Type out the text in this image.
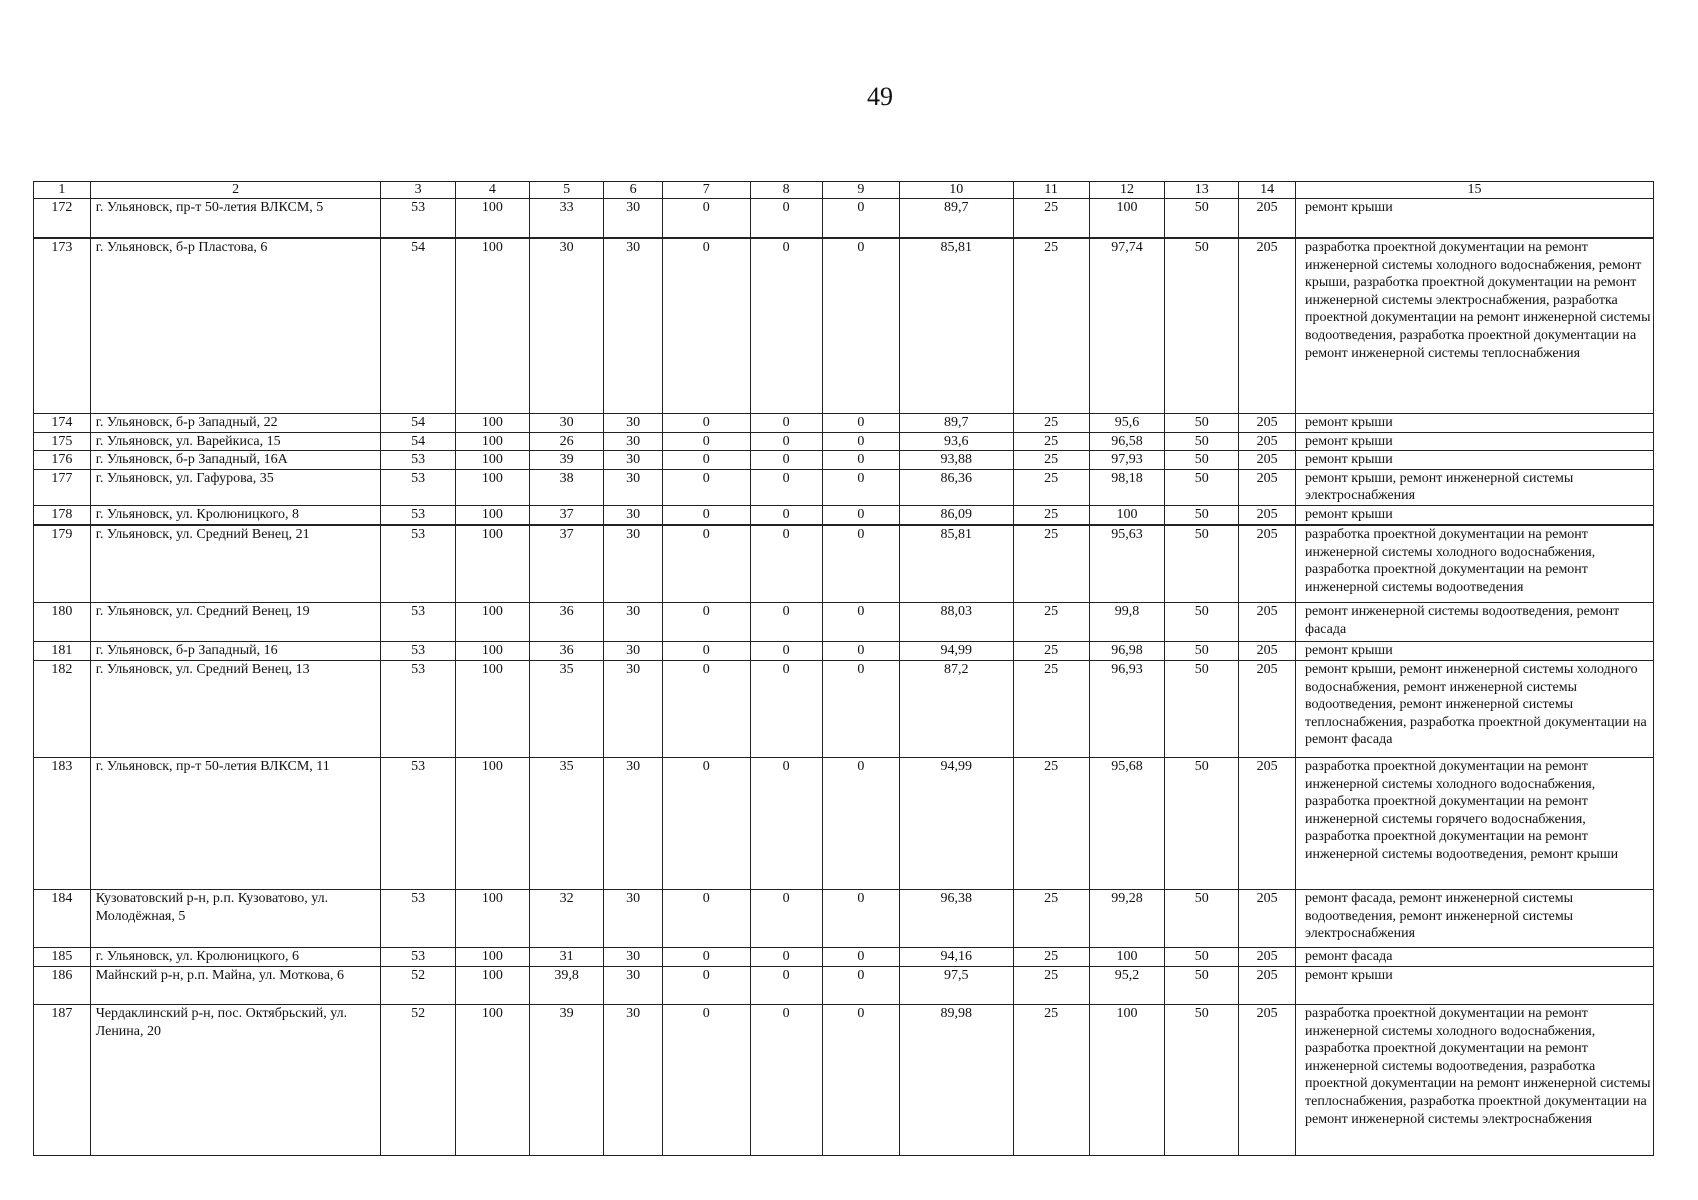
49
1	2	3	4	5	6	7	8	9	10	11	12	13	14	15
172	г. Ульяновск, пр-т 50-летия ВЛКСМ, 5	53	100	33	30	0	0	0	89,7	25	100	50	205	ремонт крыши
173	г. Ульяновск, б-р Пластова, 6	54	100	30	30	0	0	0	85,81	25	97,74	50	205	разработка проектной документации на ремонт инженерной системы холодного водоснабжения, ремонт крыши, разработка проектной документации на ремонт инженерной системы электроснабжения, разработка проектной документации на ремонт инженерной системы водоотведения, разработка проектной документации на ремонт инженерной системы теплоснабжения
174	г. Ульяновск, б-р Западный, 22	54	100	30	30	0	0	0	89,7	25	95,6	50	205	ремонт крыши
175	г. Ульяновск, ул. Варейкиса, 15	54	100	26	30	0	0	0	93,6	25	96,58	50	205	ремонт крыши
176	г. Ульяновск, б-р Западный, 16А	53	100	39	30	0	0	0	93,88	25	97,93	50	205	ремонт крыши
177	г. Ульяновск, ул. Гафурова, 35	53	100	38	30	0	0	0	86,36	25	98,18	50	205	ремонт крыши, ремонт инженерной системы электроснабжения
178	г. Ульяновск, ул. Кролюницкого, 8	53	100	37	30	0	0	0	86,09	25	100	50	205	ремонт крыши
179	г. Ульяновск, ул. Средний Венец, 21	53	100	37	30	0	0	0	85,81	25	95,63	50	205	разработка проектной документации на ремонт инженерной системы холодного водоснабжения, разработка проектной документации на ремонт инженерной системы водоотведения
180	г. Ульяновск, ул. Средний Венец, 19	53	100	36	30	0	0	0	88,03	25	99,8	50	205	ремонт инженерной системы водоотведения, ремонт фасада
181	г. Ульяновск, б-р Западный, 16	53	100	36	30	0	0	0	94,99	25	96,98	50	205	ремонт крыши
182	г. Ульяновск, ул. Средний Венец, 13	53	100	35	30	0	0	0	87,2	25	96,93	50	205	ремонт крыши, ремонт инженерной системы холодного водоснабжения, ремонт инженерной системы водоотведения, ремонт инженерной системы теплоснабжения, разработка проектной документации на ремонт фасада
183	г. Ульяновск, пр-т 50-летия ВЛКСМ, 11	53	100	35	30	0	0	0	94,99	25	95,68	50	205	разработка проектной документации на ремонт инженерной системы холодного водоснабжения, разработка проектной документации на ремонт инженерной системы горячего водоснабжения, разработка проектной документации на ремонт инженерной системы водоотведения, ремонт крыши
184	Кузоватовский р-н, р.п. Кузоватово, ул. Молодёжная, 5	53	100	32	30	0	0	0	96,38	25	99,28	50	205	ремонт фасада, ремонт инженерной системы водоотведения, ремонт инженерной системы электроснабжения
185	г. Ульяновск, ул. Кролюницкого, 6	53	100	31	30	0	0	0	94,16	25	100	50	205	ремонт фасада
186	Майнский р-н, р.п. Майна, ул. Моткова, 6	52	100	39,8	30	0	0	0	97,5	25	95,2	50	205	ремонт крыши
187	Чердаклинский р-н, пос. Октябрьский, ул. Ленина, 20	52	100	39	30	0	0	0	89,98	25	100	50	205	разработка проектной документации на ремонт инженерной системы холодного водоснабжения, разработка проектной документации на ремонт инженерной системы водоотведения, разработка проектной документации на ремонт инженерной системы теплоснабжения, разработка проектной документации на ремонт инженерной системы электроснабжения
